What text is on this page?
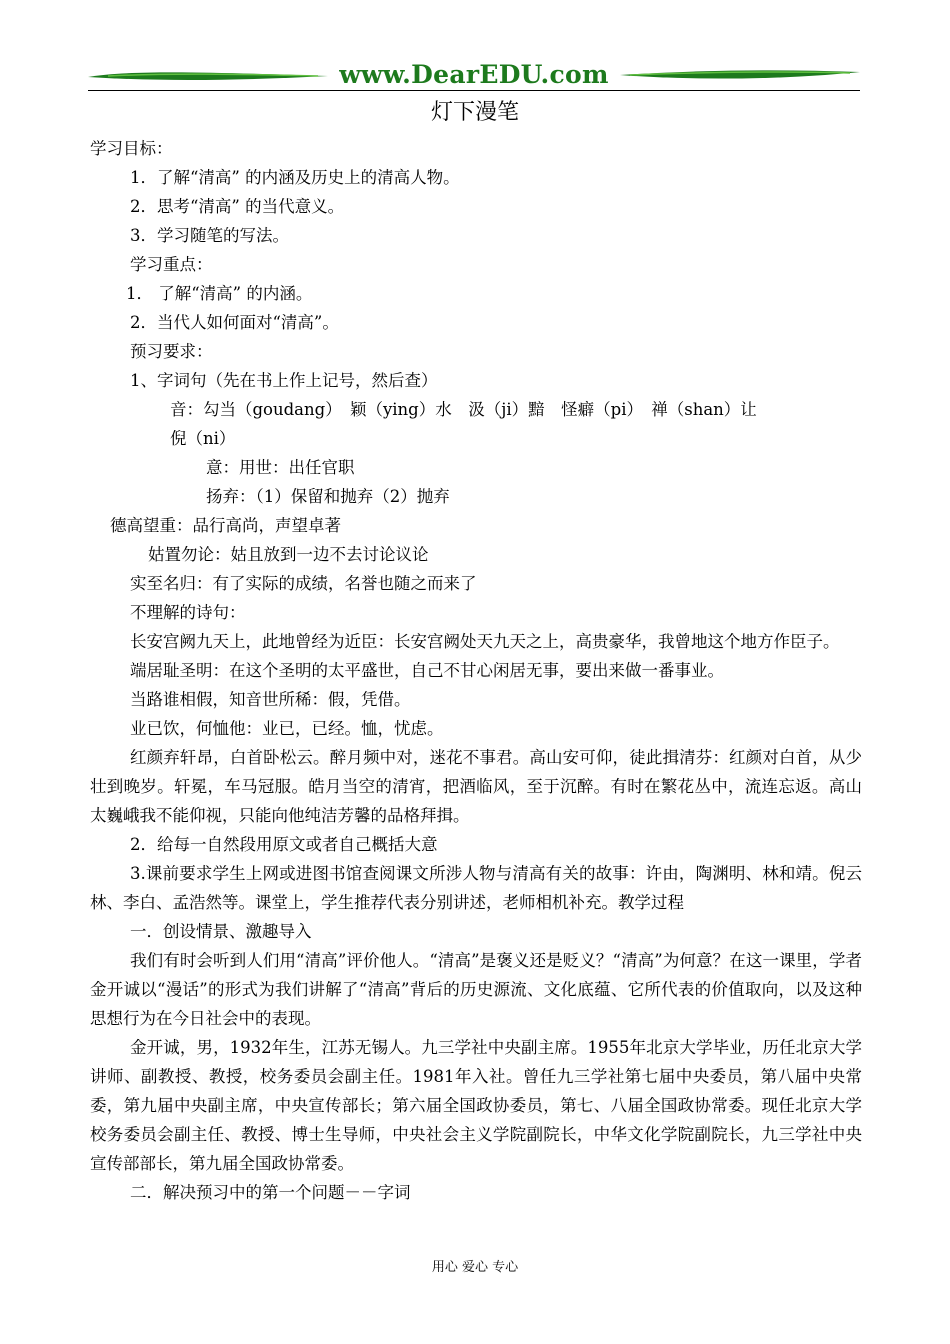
www.DearEDU.com
灯下漫笔
学习目标：
1．了解“清高” 的内涵及历史上的清高人物。
2．思考“清高” 的当代意义。
3．学习随笔的写法。
学习重点：
1． 了解“清高” 的内涵。
2．当代人如何面对“清高”。
预习要求：
1、字词句（先在书上作上记号，然后查）
音：勾当（goudang）　颖（ying）水　汲（ji）黯　怪癖（pi）　禅（shan）让
倪（ni）
意：用世：出任官职
扬弃：（1）保留和抛弃（2）抛弃
德高望重：品行高尚，声望卓著
姑置勿论：姑且放到一边不去讨论议论
实至名归：有了实际的成绩，名誉也随之而来了
不理解的诗句：
长安宫阙九天上，此地曾经为近臣：长安宫阙处天九天之上，高贵豪华，我曾地这个地方作臣子。
端居耻圣明：在这个圣明的太平盛世，自己不甘心闲居无事，要出来做一番事业。
当路谁相假，知音世所稀：假，凭借。
业已饮，何恤他：业已，已经。恤，忧虑。
红颜弃轩昂，白首卧松云。醉月频中对，迷花不事君。高山安可仰，徒此揖清芬：红颜对白首，从少壮到晚岁。轩冕，车马冠服。皓月当空的清宵，把酒临风，至于沉醉。有时在繁花丛中，流连忘返。高山太巍峨我不能仰视，只能向他纯洁芳馨的品格拜揖。
2．给每一自然段用原文或者自己概括大意
3.课前要求学生上网或进图书馆查阅课文所涉人物与清高有关的故事：许由，陶渊明、林和靖。倪云林、李白、孟浩然等。课堂上，学生推荐代表分别讲述，老师相机补充。教学过程
一．创设情景、激趣导入
我们有时会听到人们用“清高”评价他人。“清高”是褒义还是贬义？“清高”为何意？在这一课里，学者金开诚以“漫话”的形式为我们讲解了“清高”背后的历史源流、文化底蕴、它所代表的价值取向，以及这种思想行为在今日社会中的表现。
金开诚，男，1932年生，江苏无锡人。九三学社中央副主席。1955年北京大学毕业，历任北京大学讲师、副教授、教授，校务委员会副主任。1981年入社。曾任九三学社第七届中央委员，第八届中央常委，第九届中央副主席，中央宣传部长；第六届全国政协委员，第七、八届全国政协常委。现任北京大学校务委员会副主任、教授、博士生导师，中央社会主义学院副院长，中华文化学院副院长，九三学社中央宣传部部长，第九届全国政协常委。
二．解决预习中的第一个问题－－字词
用心 爱心 专心
